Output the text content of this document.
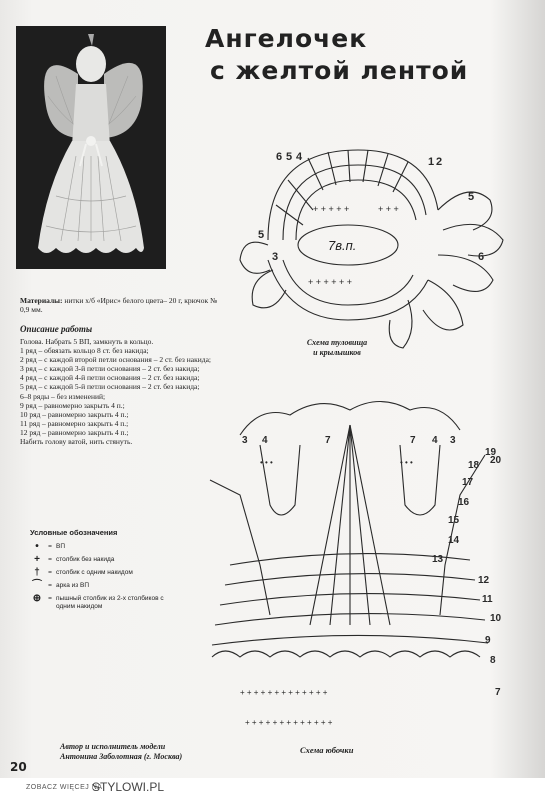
Ангелочек
с желтой лентой
6 5 4	1 2
5
3
5
6
7в.п.
+ + + + +
+ + + + + +
+ + +
Схема туловища
и крылышков
Материалы: нитки х/б «Ирис» белого цвета– 20 г, крючок № 0,9 мм.
Описание работы
Голова. Набрать 5 ВП, замкнуть в кольцо.
1 ряд – обвязать кольцо 8 ст. без накида;
2 ряд – с каждой второй петли основания – 2 ст. без накида;
3 ряд – с каждой 3-й петли основания – 2 ст. без накида;
4 ряд – с каждой 4-й петли основания – 2 ст. без накида;
5 ряд – с каждой 5-й петли основания – 2 ст. без накида;
6–8 ряды – без изменений;
9 ряд – равномерно закрыть 4 п.;
10 ряд – равномерно закрыть 4 п.;
11 ряд – равномерно закрыть 4 п.;
12 ряд – равномерно закрыть 4 п.;
Набить голову ватой, нить стянуть.
+ + + + + + + + + + + + +
+ + + + + + + + + + + + +
• • •	• • •
3 4	7	7	3
4
7
8
9
10
11
12
13
14
15
16
17
18
19
20
Условные обозначения
•	= ВП
+	= столбик без накида
†	= столбик с одним накидом
⌒ = арка из ВП
⊕	= пышный столбик из 2-х столбиков с одним накидом
Схема юбочки
Автор и исполнитель модели
Антонина Заболотная (г. Москва)
20
ZOBACZ WIĘCEJ NA
STYLOWI.PL
